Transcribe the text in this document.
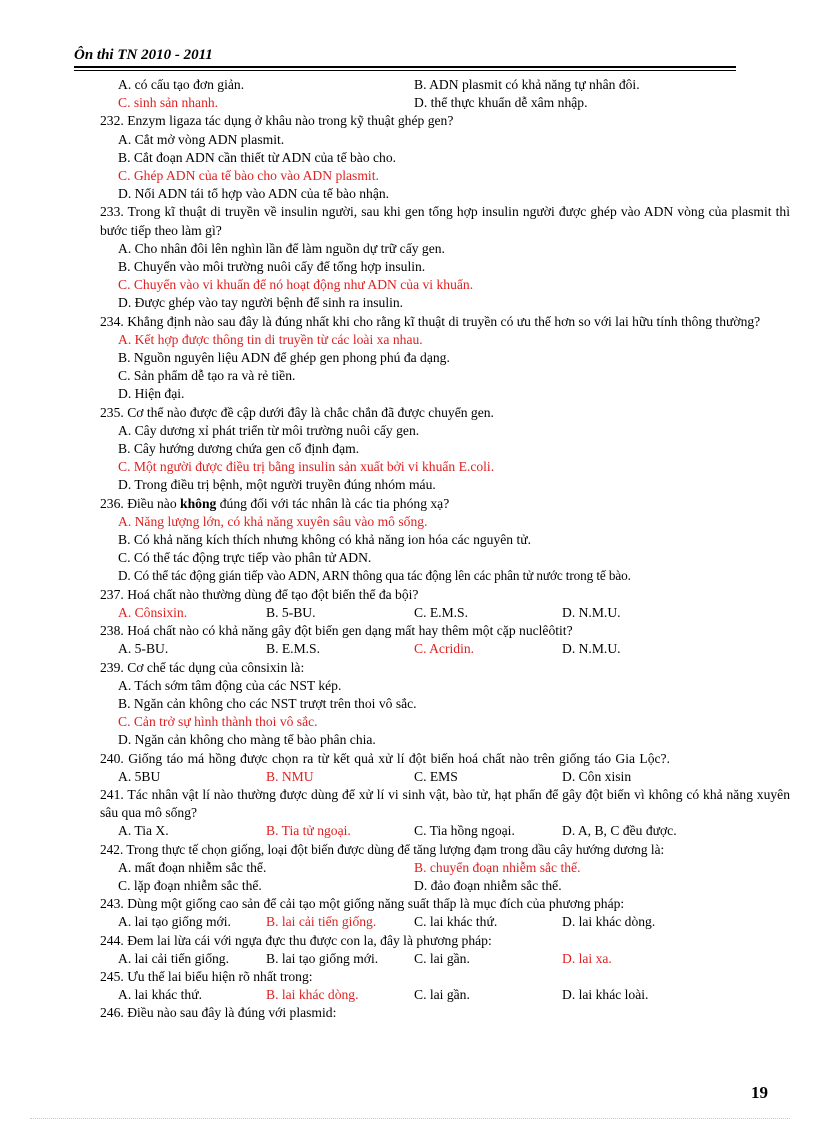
Ôn thi TN 2010 - 2011
A. có cấu tạo đơn giản.	B. ADN plasmit có khả năng tự nhân đôi.
C. sinh sản nhanh.	D. thể thực khuẩn dễ xâm nhập.
232. Enzym ligaza tác dụng ở khâu nào trong kỹ thuật ghép gen?
A. Cắt mở vòng ADN plasmit.
B. Cắt đoạn ADN cần thiết từ ADN của tế bào cho.
C. Ghép ADN của tế bào cho vào ADN plasmit.
D. Nối ADN tái tổ hợp vào ADN của tế bào nhận.
233. Trong kĩ thuật di truyền về insulin người, sau khi gen tổng hợp insulin người được ghép vào ADN vòng của plasmit thì bước tiếp theo làm gì?
A. Cho nhân đôi lên nghìn lần để làm nguồn dự trữ cấy gen.
B. Chuyển vào môi trường nuôi cấy để tổng hợp insulin.
C. Chuyển vào vi khuẩn để nó hoạt động như ADN của vi khuẩn.
D. Được ghép vào tay người bệnh để sinh ra insulin.
234. Khẳng định nào sau đây là đúng nhất khi cho rằng kĩ thuật di truyền có ưu thế hơn so với lai hữu tính thông thường?
A. Kết hợp được thông tin di truyền từ các loài xa nhau.
B. Nguồn nguyên liệu ADN để ghép gen phong phú đa dạng.
C. Sản phẩm dễ tạo ra và rẻ tiền.
D. Hiện đại.
235. Cơ thể nào được đề cập dưới đây là chắc chắn đã được chuyển gen.
A. Cây dương xỉ phát triển từ môi trường nuôi cấy gen.
B. Cây hướng dương chứa gen cố định đạm.
C. Một người được điều trị bằng insulin sản xuất bởi vi khuẩn E.coli.
D. Trong điều trị bệnh, một người truyền đúng nhóm máu.
236. Điều nào không đúng đối với tác nhân là các tia phóng xạ?
A. Năng lượng lớn, có khả năng xuyên sâu vào mô sống.
B. Có khả năng kích thích nhưng không có khả năng ion hóa các nguyên tử.
C. Có thể tác động trực tiếp vào phân tử ADN.
D. Có thể tác động gián tiếp vào ADN, ARN thông qua tác động lên các phân tử nước trong tế bào.
237. Hoá chất nào thường dùng để tạo đột biến thể đa bội?
A. Cônsixin.	B. 5-BU.	C. E.M.S.	D. N.M.U.
238. Hoá chất nào có khả năng gây đột biến gen dạng mất hay thêm một cặp nuclêôtit?
A. 5-BU.	B. E.M.S.	C. Acridin.	D. N.M.U.
239. Cơ chế tác dụng của cônsixin là:
A. Tách sớm tâm động của các NST kép.
B. Ngăn cản không cho các NST trượt trên thoi vô sắc.
C. Cản trở sự hình thành thoi vô sắc.
D. Ngăn cản không cho màng tế bào phân chia.
240. Giống táo má hồng được chọn ra từ kết quả xử lí đột biến hoá chất nào trên giống táo Gia Lộc?.
A. 5BU	B. NMU	C. EMS	D. Côn xisin
241. Tác nhân vật lí nào thường được dùng để xử lí vi sinh vật, bào tử, hạt phấn để gây đột biến vì không có khả năng xuyên sâu qua mô sống?
A. Tia X.	B. Tia tử ngoại.	C. Tia hồng ngoại.	D. A, B, C đều được.
242. Trong thực tế chọn giống, loại đột biến được dùng để tăng lượng đạm trong dầu cây hướng dương là:
A. mất đoạn nhiễm sắc thể.	B. chuyển đoạn nhiễm sắc thể.
C. lặp đoạn nhiễm sắc thể.	D. đảo đoạn nhiễm sắc thể.
243. Dùng một giống cao sản để cải tạo một giống năng suất thấp là mục đích của phương pháp:
A. lai tạo giống mới.	B. lai cải tiến giống.	C. lai khác thứ.	D. lai khác dòng.
244. Đem lai lừa cái với ngựa đực thu được con la, đây là phương pháp:
A. lai cải tiến giống.	B. lai tạo giống mới.	C. lai gần.	D. lai xa.
245. Ưu thế lai biểu hiện rõ nhất trong:
A. lai khác thứ.	B. lai khác dòng.	C. lai gần.	D. lai khác loài.
246. Điều nào sau đây là đúng với plasmid:
19
